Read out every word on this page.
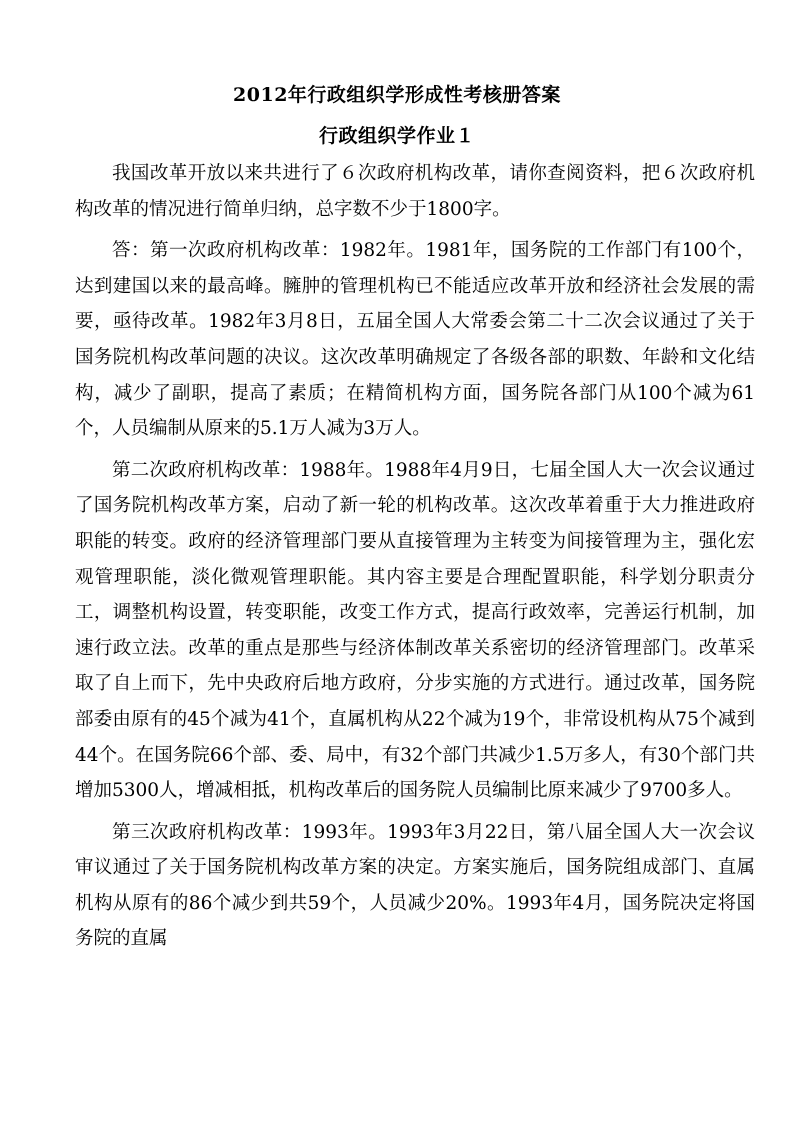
2012年行政组织学形成性考核册答案
行政组织学作业１

我国改革开放以来共进行了６次政府机构改革，请你查阅资料，把６次政府机构改革的情况进行简单归纳，总字数不少于1800字。

答：第一次政府机构改革：1982年。1981年，国务院的工作部门有100个，达到建国以来的最高峰。臃肿的管理机构已不能适应改革开放和经济社会发展的需要，亟待改革。1982年3月8日，五届全国人大常委会第二十二次会议通过了关于国务院机构改革问题的决议。这次改革明确规定了各级各部的职数、年龄和文化结构，减少了副职，提高了素质；在精简机构方面，国务院各部门从100个减为61个，人员编制从原来的5.1万人减为3万人。

第二次政府机构改革：1988年。1988年4月9日，七届全国人大一次会议通过了国务院机构改革方案，启动了新一轮的机构改革。这次改革着重于大力推进政府职能的转变。政府的经济管理部门要从直接管理为主转变为间接管理为主，强化宏观管理职能，淡化微观管理职能。其内容主要是合理配置职能，科学划分职责分工，调整机构设置，转变职能，改变工作方式，提高行政效率，完善运行机制，加速行政立法。改革的重点是那些与经济体制改革关系密切的经济管理部门。改革采取了自上而下，先中央政府后地方政府，分步实施的方式进行。通过改革，国务院部委由原有的45个减为41个，直属机构从22个减为19个，非常设机构从75个减到44个。在国务院66个部、委、局中，有32个部门共减少1.5万多人，有30个部门共增加5300人，增减相抵，机构改革后的国务院人员编制比原来减少了9700多人。

第三次政府机构改革：1993年。1993年3月22日，第八届全国人大一次会议审议通过了关于国务院机构改革方案的决定。方案实施后，国务院组成部门、直属机构从原有的86个减少到共59个，人员减少20%。1993年4月，国务院决定将国务院的直属
